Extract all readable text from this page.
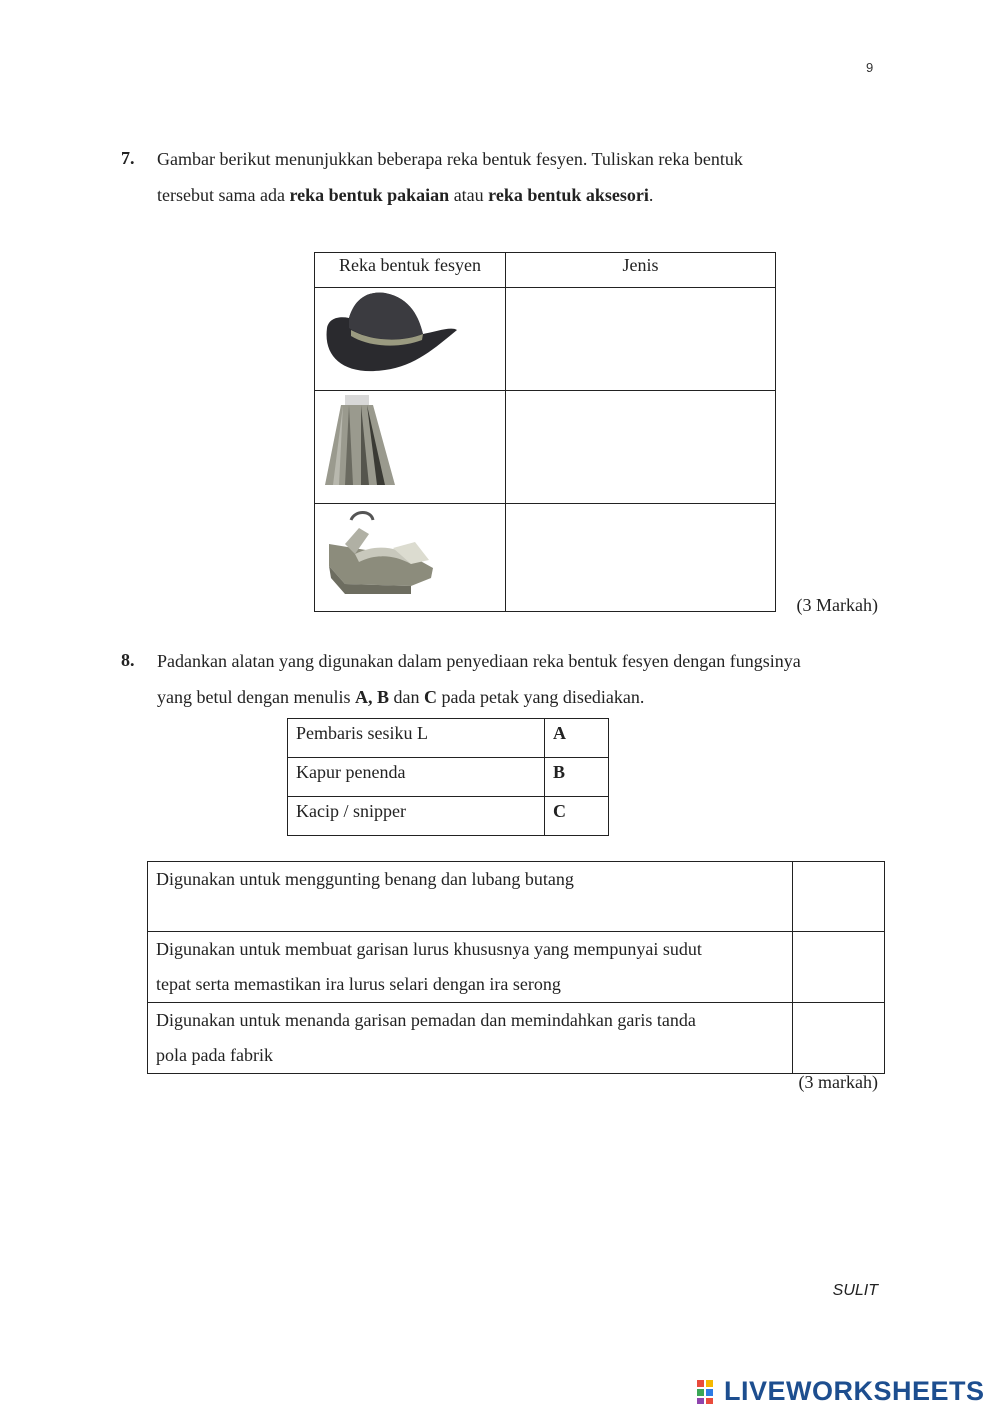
9
7. Gambar berikut menunjukkan beberapa reka bentuk fesyen. Tuliskan reka bentuk
tersebut sama ada reka bentuk pakaian atau reka bentuk aksesori.
Reka bentuk fesyen	Jenis

(3 Markah)
8. Padankan alatan yang digunakan dalam penyediaan reka bentuk fesyen dengan fungsinya
yang betul dengan menulis A, B dan C pada petak yang disediakan.
Pembaris sesiku L	A
Kapur penenda	B
Kacip / snipper	C
Digunakan untuk menggunting benang dan lubang butang	

Digunakan untuk membuat garisan lurus khususnya yang mempunyai sudut
tepat serta memastikan ira lurus selari dengan ira serong	

Digunakan untuk menanda garisan pemadan dan memindahkan garis tanda
pola pada fabrik	

(3 markah)
SULIT
LIVEWORKSHEETS
